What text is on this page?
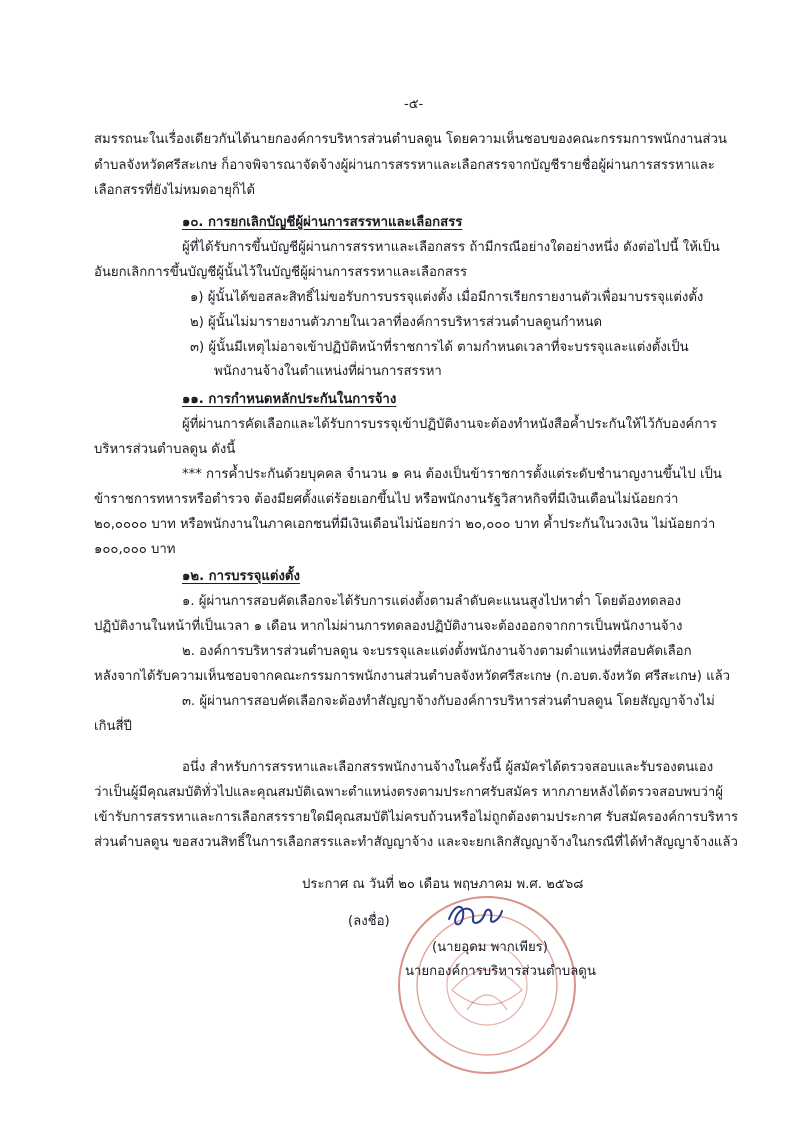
-๕-
สมรรถนะในเรื่องเดียวกันได้นายกองค์การบริหารส่วนตำบลดูน โดยความเห็นชอบของคณะกรรมการพนักงานส่วน
ตำบลจังหวัดศรีสะเกษ ก็อาจพิจารณาจัดจ้างผู้ผ่านการสรรหาและเลือกสรรจากบัญชีรายชื่อผู้ผ่านการสรรหาและ
เลือกสรรที่ยังไม่หมดอายุก็ได้
๑๐. การยกเลิกบัญชีผู้ผ่านการสรรหาและเลือกสรร
ผู้ที่ได้รับการขึ้นบัญชีผู้ผ่านการสรรหาและเลือกสรร ถ้ามีกรณีอย่างใดอย่างหนึ่ง ดังต่อไปนี้ ให้เป็น
อันยกเลิกการขึ้นบัญชีผู้นั้นไว้ในบัญชีผู้ผ่านการสรรหาและเลือกสรร
๑) ผู้นั้นได้ขอสละสิทธิ์ไม่ขอรับการบรรจุแต่งตั้ง เมื่อมีการเรียกรายงานตัวเพื่อมาบรรจุแต่งตั้ง
๒) ผู้นั้นไม่มารายงานตัวภายในเวลาที่องค์การบริหารส่วนตำบลดูนกำหนด
๓) ผู้นั้นมีเหตุไม่อาจเข้าปฏิบัติหน้าที่ราชการได้ ตามกำหนดเวลาที่จะบรรจุและแต่งตั้งเป็น
พนักงานจ้างในตำแหน่งที่ผ่านการสรรหา
๑๑. การกำหนดหลักประกันในการจ้าง
ผู้ที่ผ่านการคัดเลือกและได้รับการบรรจุเข้าปฏิบัติงานจะต้องทำหนังสือค้ำประกันให้ไว้กับองค์การ
บริหารส่วนตำบลดูน ดังนี้
*** การค้ำประกันด้วยบุคคล จำนวน ๑ คน ต้องเป็นข้าราชการตั้งแต่ระดับชำนาญงานขึ้นไป เป็น
ข้าราชการทหารหรือตำรวจ ต้องมียศตั้งแต่ร้อยเอกขึ้นไป หรือพนักงานรัฐวิสาหกิจที่มีเงินเดือนไม่น้อยกว่า
๒๐,๐๐๐๐ บาท หรือพนักงานในภาคเอกชนที่มีเงินเดือนไม่น้อยกว่า ๒๐,๐๐๐ บาท ค้ำประกันในวงเงิน ไม่น้อยกว่า
๑๐๐,๐๐๐ บาท
๑๒. การบรรจุแต่งตั้ง
๑. ผู้ผ่านการสอบคัดเลือกจะได้รับการแต่งตั้งตามลำดับคะแนนสูงไปหาต่ำ โดยต้องทดลอง
ปฏิบัติงานในหน้าที่เป็นเวลา ๑ เดือน หากไม่ผ่านการทดลองปฏิบัติงานจะต้องออกจากการเป็นพนักงานจ้าง
๒. องค์การบริหารส่วนตำบลดูน จะบรรจุและแต่งตั้งพนักงานจ้างตามตำแหน่งที่สอบคัดเลือก
หลังจากได้รับความเห็นชอบจากคณะกรรมการพนักงานส่วนตำบลจังหวัดศรีสะเกษ (ก.อบต.จังหวัด ศรีสะเกษ) แล้ว
๓. ผู้ผ่านการสอบคัดเลือกจะต้องทำสัญญาจ้างกับองค์การบริหารส่วนตำบลดูน โดยสัญญาจ้างไม่
เกินสี่ปี
อนึ่ง สำหรับการสรรหาและเลือกสรรพนักงานจ้างในครั้งนี้ ผู้สมัครได้ตรวจสอบและรับรองตนเอง
ว่าเป็นผู้มีคุณสมบัติทั่วไปและคุณสมบัติเฉพาะตำแหน่งตรงตามประกาศรับสมัคร หากภายหลังได้ตรวจสอบพบว่าผู้
เข้ารับการสรรหาและการเลือกสรรรายใดมีคุณสมบัติไม่ครบถ้วนหรือไม่ถูกต้องตามประกาศ รับสมัครองค์การบริหาร
ส่วนตำบลดูน ขอสงวนสิทธิ์ในการเลือกสรรและทำสัญญาจ้าง และจะยกเลิกสัญญาจ้างในกรณีที่ได้ทำสัญญาจ้างแล้ว
ประกาศ ณ วันที่ ๒๐ เดือน พฤษภาคม พ.ศ. ๒๕๖๘
(ลงชื่อ)
(นายอุดม พากเพียร)
นายกองค์การบริหารส่วนตำบลดูน
